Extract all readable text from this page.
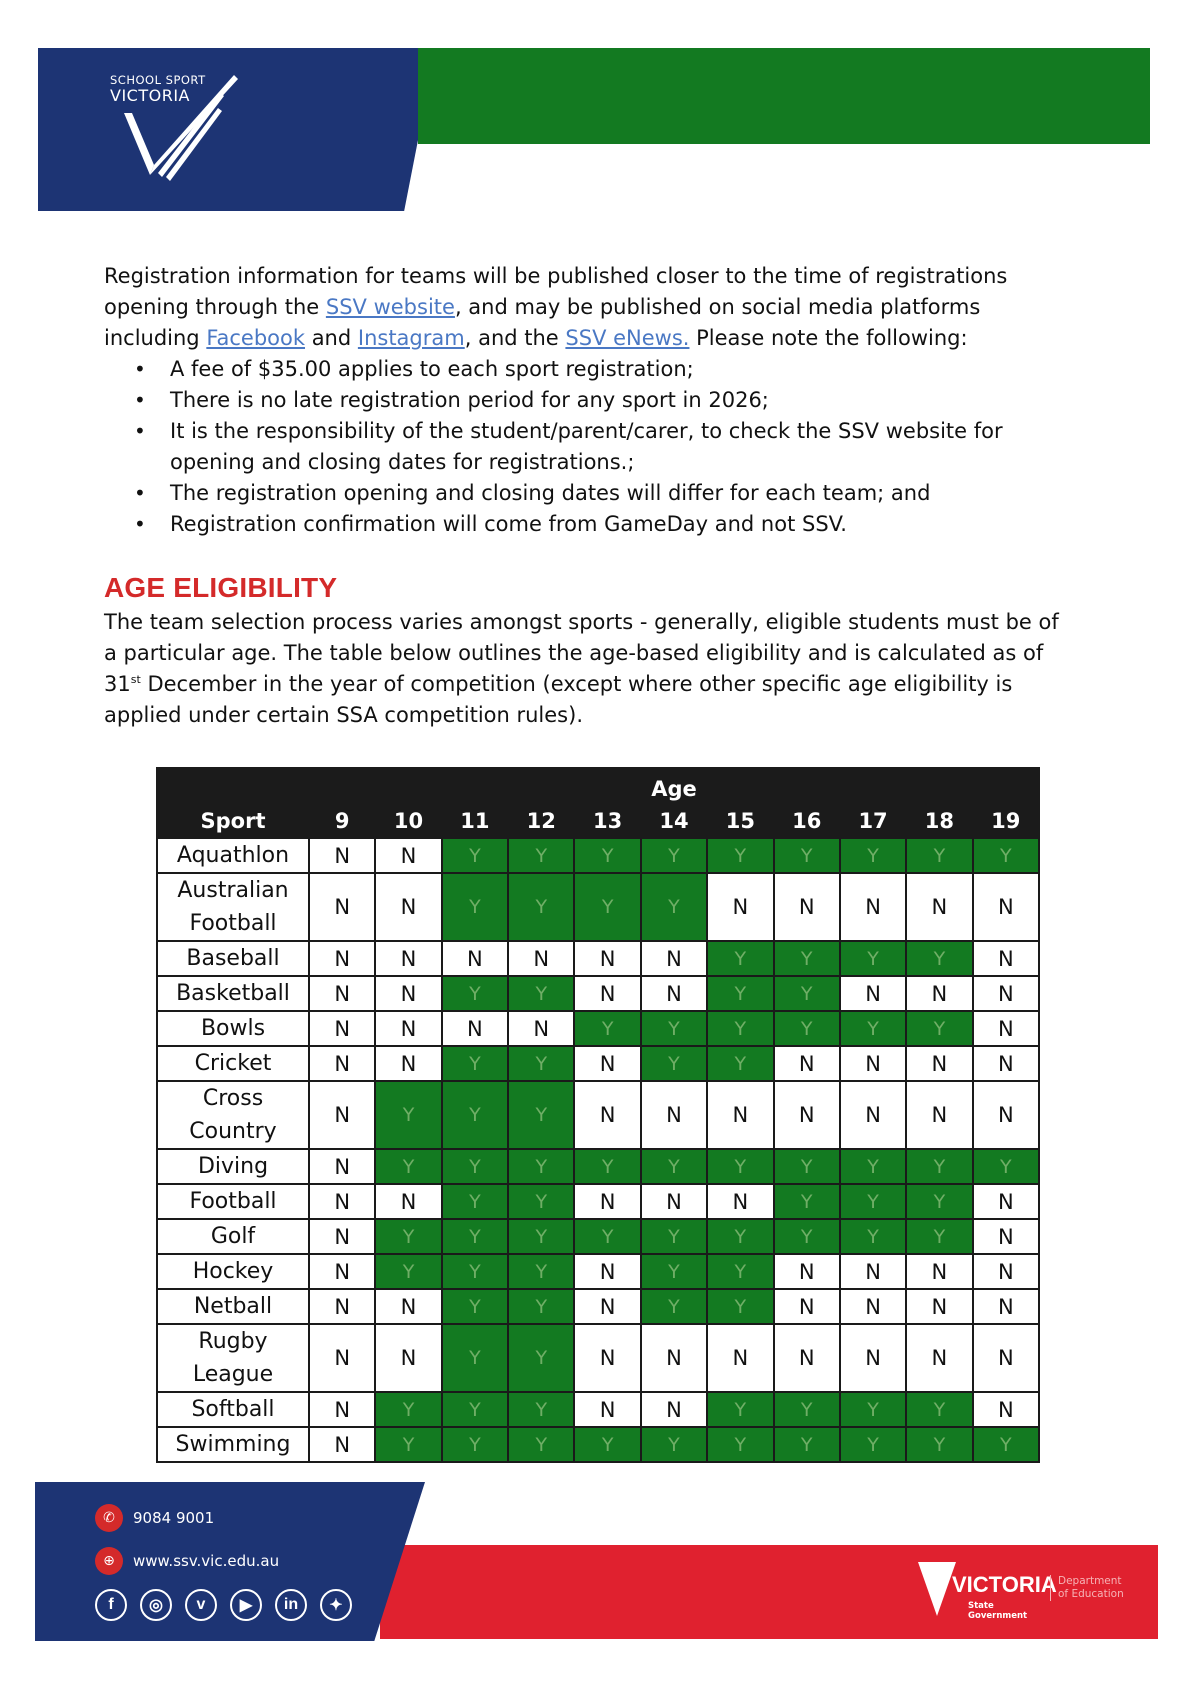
SCHOOL SPORT
VICTORIA

Registration information for teams will be published closer to the time of registrations opening through the SSV website, and may be published on social media platforms including Facebook and Instagram, and the SSV eNews. Please note the following:

• A fee of $35.00 applies to each sport registration;
• There is no late registration period for any sport in 2026;
• It is the responsibility of the student/parent/carer, to check the SSV website for opening and closing dates for registrations.;
• The registration opening and closing dates will differ for each team; and
• Registration confirmation will come from GameDay and not SSV.
AGE ELIGIBILITY

The team selection process varies amongst sports - generally, eligible students must be of a particular age. The table below outlines the age-based eligibility and is calculated as of 31st December in the year of competition (except where other specific age eligibility is applied under certain SSA competition rules).

	Age										
Sport	9	10	11	12	13	14	15	16	17	18	19
Aquathlon	N	N	Y	Y	Y	Y	Y	Y	Y	Y	Y
Australian Football	N	N	Y	Y	Y	Y	N	N	N	N	N
Baseball	N	N	N	N	N	N	Y	Y	Y	Y	N
Basketball	N	N	Y	Y	N	N	Y	Y	N	N	N
Bowls	N	N	N	N	Y	Y	Y	Y	Y	Y	N
Cricket	N	N	Y	Y	N	Y	Y	N	N	N	N
Cross Country	N	Y	Y	Y	N	N	N	N	N	N	N
Diving	N	Y	Y	Y	Y	Y	Y	Y	Y	Y	Y
Football	N	N	Y	Y	N	N	N	Y	Y	Y	N
Golf	N	Y	Y	Y	Y	Y	Y	Y	Y	Y	N
Hockey	N	Y	Y	Y	N	Y	Y	N	N	N	N
Netball	N	N	Y	Y	N	Y	Y	N	N	N	N
Rugby League	N	N	Y	Y	N	N	N	N	N	N	N
Softball	N	Y	Y	Y	N	N	Y	Y	Y	Y	N
Swimming	N	Y	Y	Y	Y	Y	Y	Y	Y	Y	Y
✆	9084 9001
⊕	www.ssv.vic.edu.au
f	◎	v	▶	in	✦
VICTORIA
State
Government
Department
of Education
